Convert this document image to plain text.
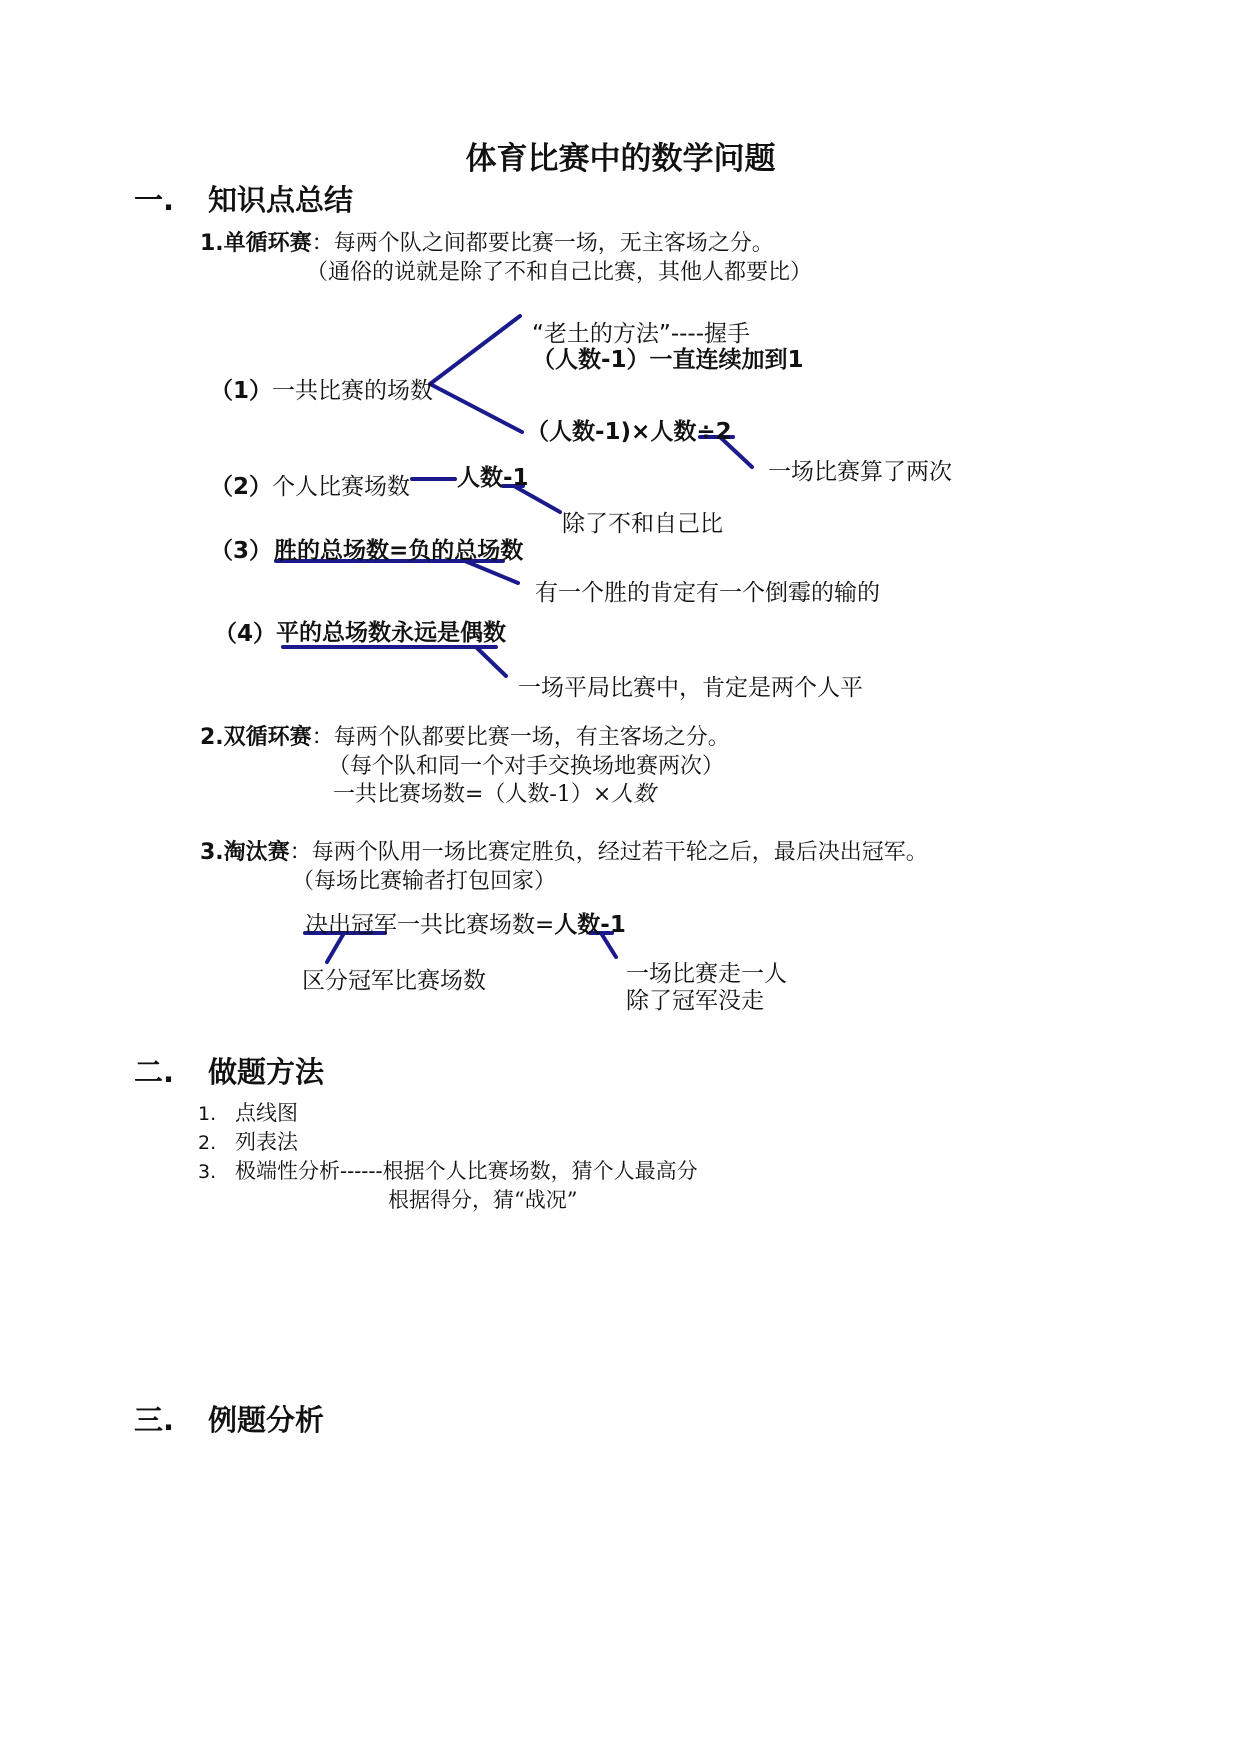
体育比赛中的数学问题
一. 知识点总结
1.单循环赛：每两个队之间都要比赛一场，无主客场之分。
（通俗的说就是除了不和自己比赛，其他人都要比）
“老土的方法”----握手
（人数-1）一直连续加到1
（1） 一共比赛的场数
（人数-1)×人数÷2
一场比赛算了两次
（2） 个人比赛场数 人数-1
除了不和自己比
（3） 胜的总场数=负的总场数
有一个胜的肯定有一个倒霉的输的
（4） 平的总场数永远是偶数
一场平局比赛中，肯定是两个人平
2.双循环赛：每两个队都要比赛一场，有主客场之分。
（每个队和同一个对手交换场地赛两次）
一共比赛场数=（人数-1）×人数
3.淘汰赛：每两个队用一场比赛定胜负，经过若干轮之后，最后决出冠军。
（每场比赛输者打包回家）
决出冠军一共比赛场数=人数-1
区分冠军比赛场数	一场比赛走一人
除了冠军没走
二. 做题方法
1. 点线图
2. 列表法
3. 极端性分析------根据个人比赛场数，猜个人最高分
根据得分，猜“战况”
三. 例题分析
